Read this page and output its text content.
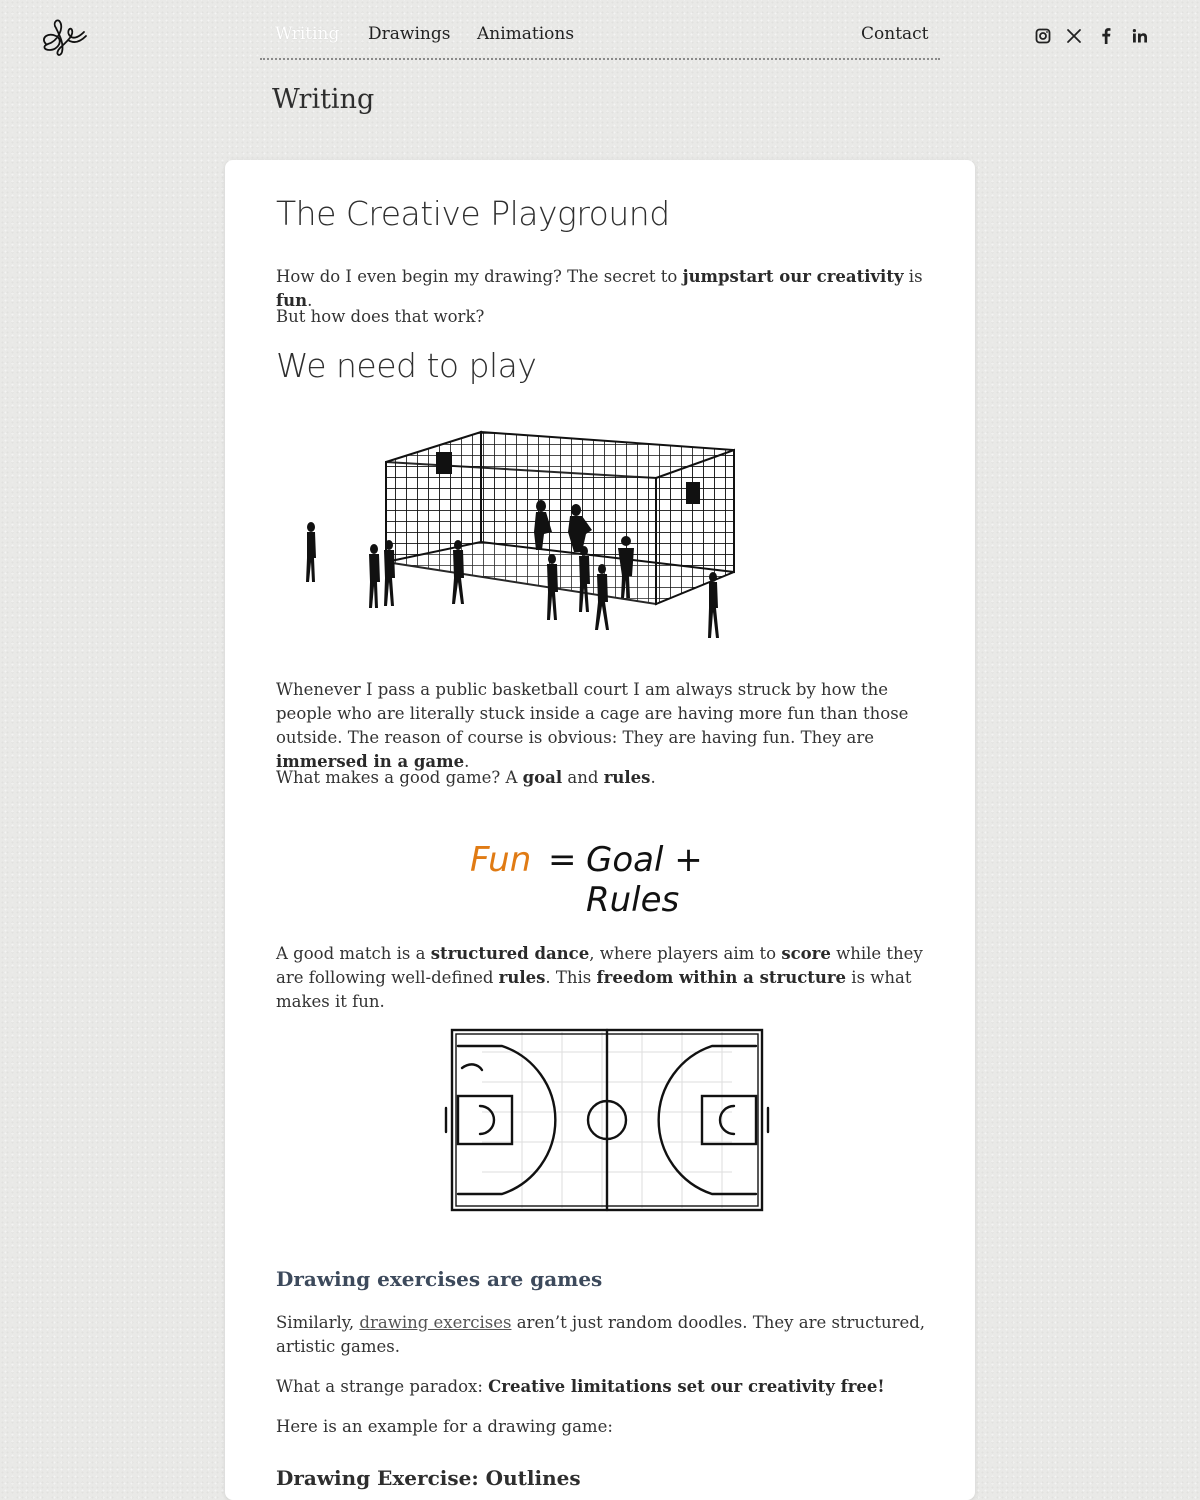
Writing Drawings Animations	Contact
Writing
The Creative Playground

How do I even begin my drawing? The secret to jumpstart our creativity is fun.

But how does that work?

We need to play

Whenever I pass a public basketball court I am always struck by how the people who are literally stuck inside a cage are having more fun than those outside. The reason of course is obvious: They are having fun. They are immersed in a game.

What makes a good game? A goal and rules.

Fun = Goal + Rules

A good match is a structured dance, where players aim to score while they are following well-defined rules. This freedom within a structure is what makes it fun.

Drawing exercises are games

Similarly, drawing exercises aren’t just random doodles. They are structured, artistic games.

What a strange paradox: Creative limitations set our creativity free!

Here is an example for a drawing game:

Drawing Exercise: Outlines
